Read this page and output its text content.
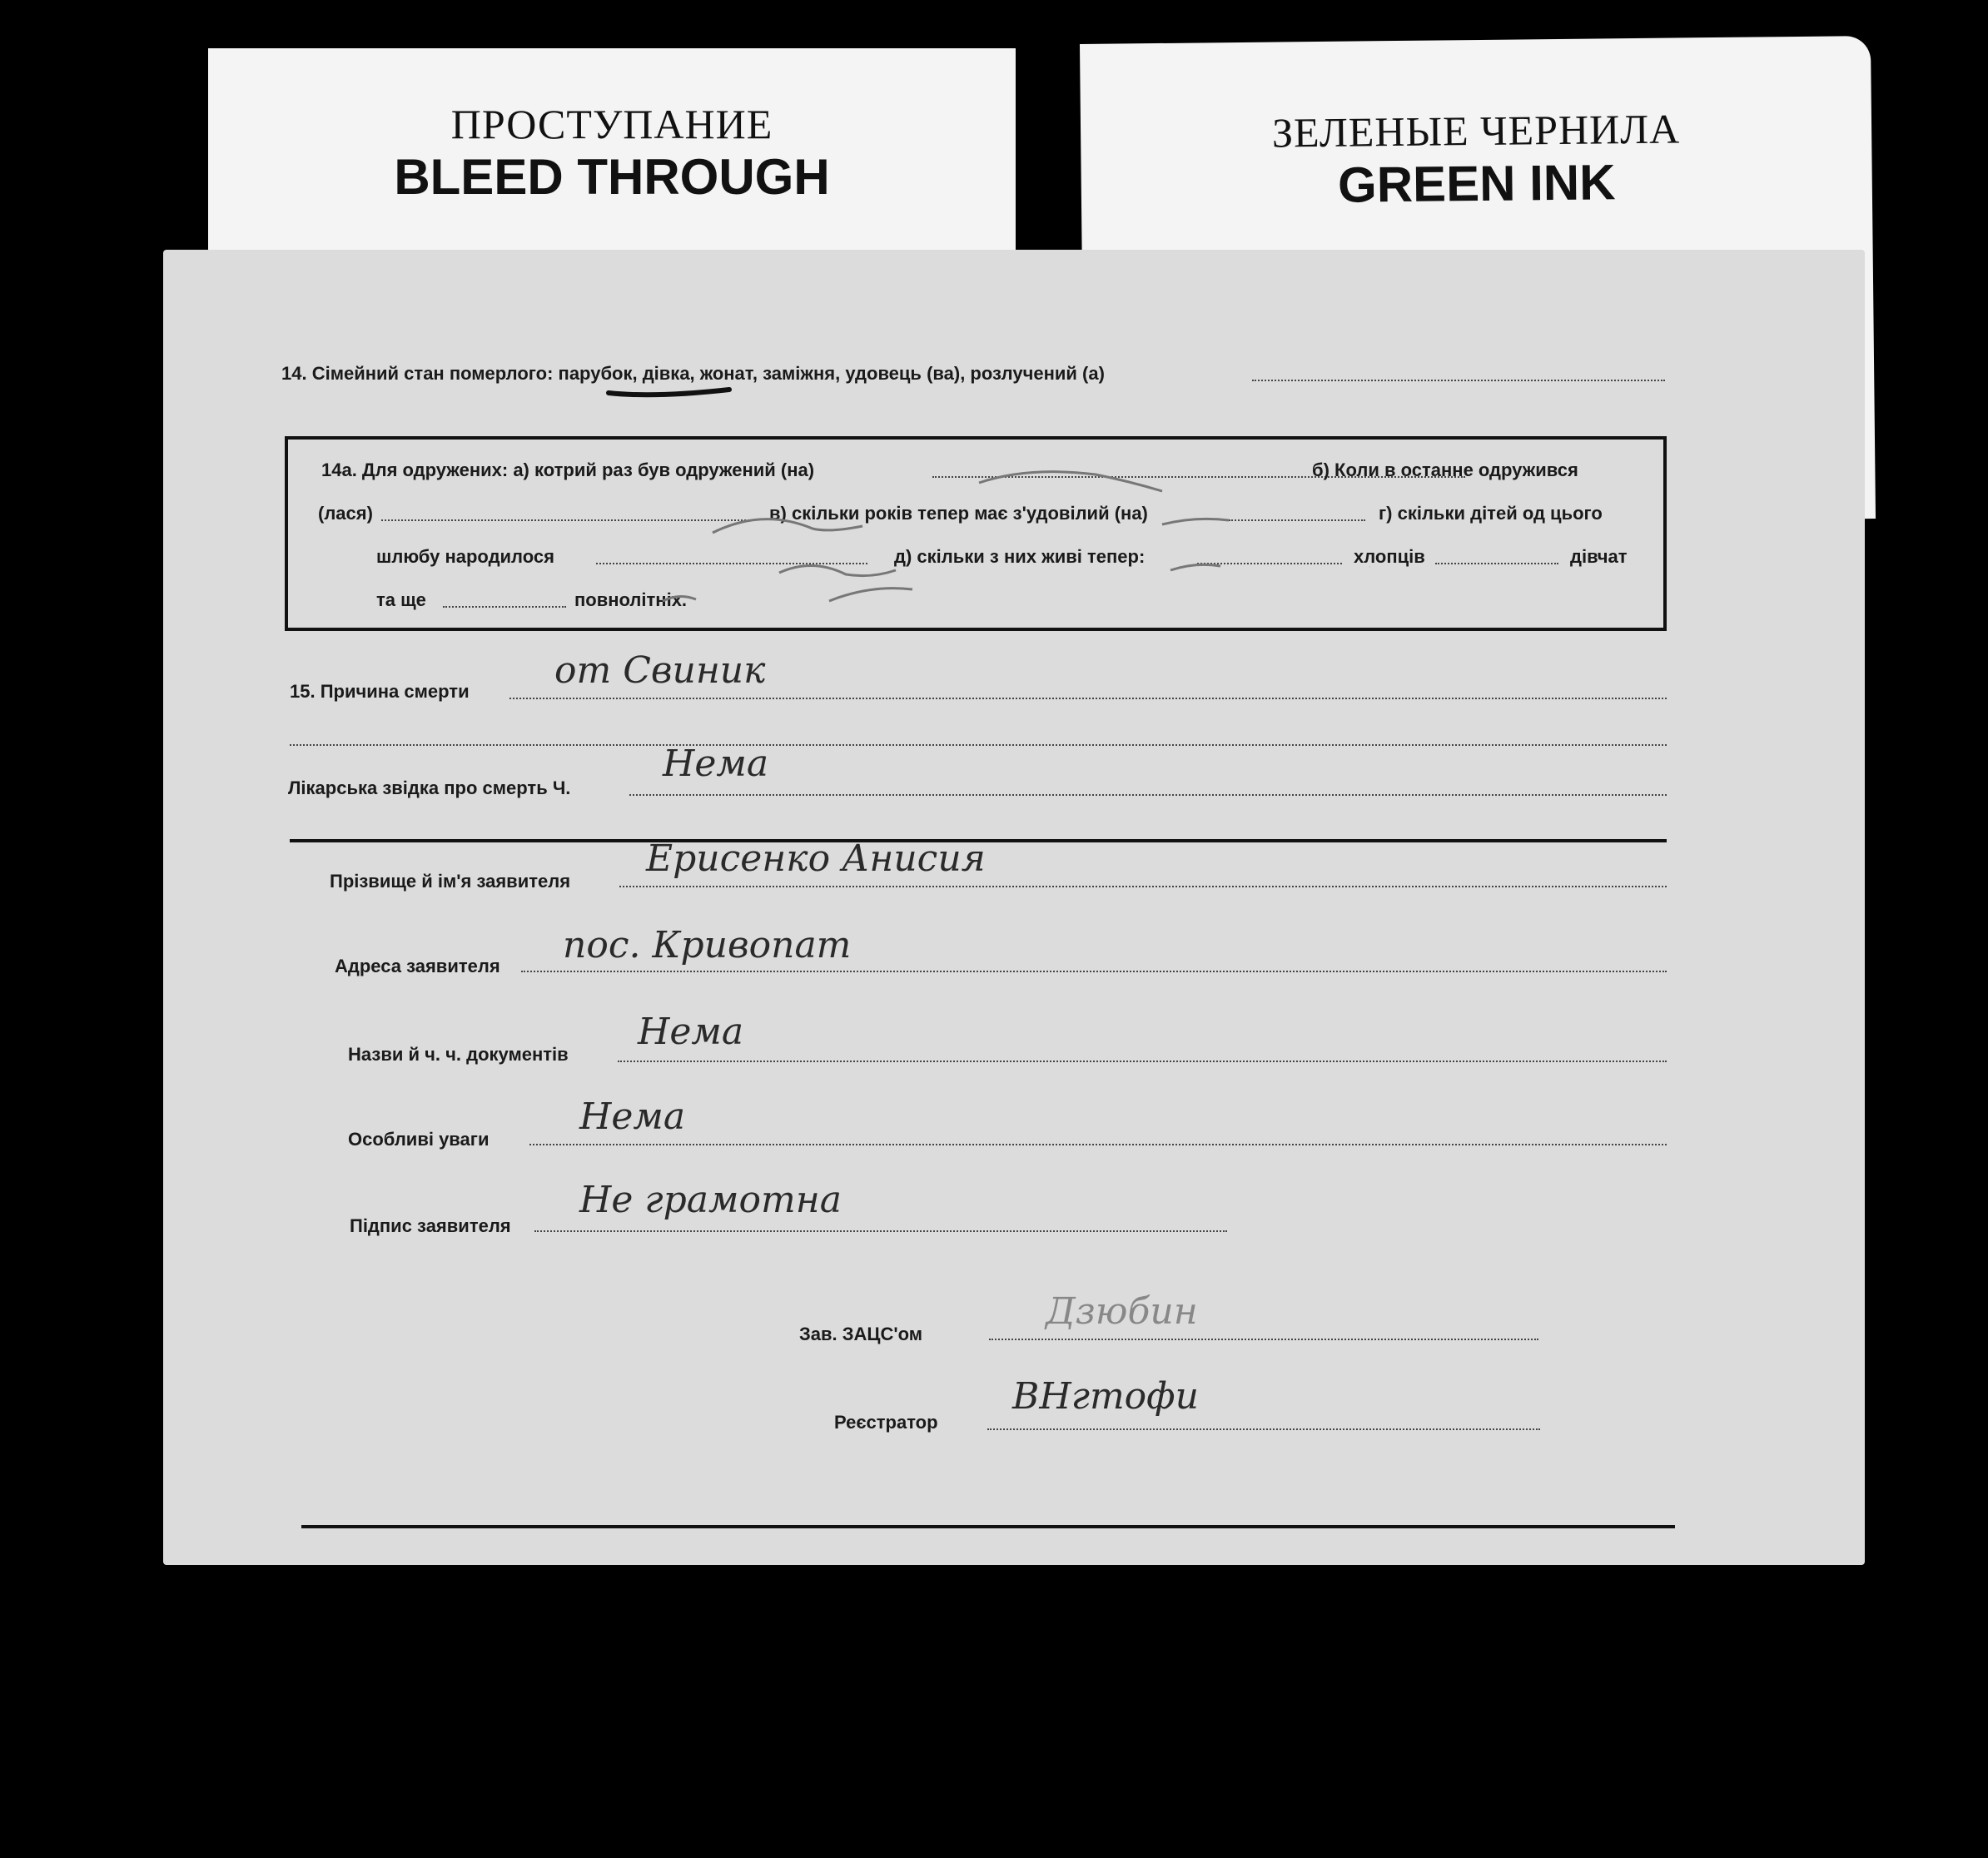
ПРОСТУПАНИЕ
BLEED THROUGH
ЗЕЛЕНЫЕ ЧЕРНИЛА
GREEN INK
14. Сімейний стан померлого: парубок, дівка, жонат, заміжня, удовець (ва), розлучений (а)
14а. Для одружених: а) котрий раз був одружений (на)	б) Коли в останне одружився
(лася)	в) скільки років тепер має з'удовілий (на)	г) скільки дітей од цього
шлюбу народилося	д) скільки з них живі тепер:	хлопців	дівчат
та ще	повнолітніх.
15. Причина смерти от Свиник
Лікарська звідка про смерть Ч.
Нема
Прізвище й ім'я заявителя
Ерисенко Анисия
Адреса заявителя пос. Кривопат
Назви й ч. ч. документів
Нема
Особливі уваги
Нема
Підпис заявителя
Не грамотна
Зав. ЗАЦС'ом
Дзюбин
Реєстратор
ВНгтофи
